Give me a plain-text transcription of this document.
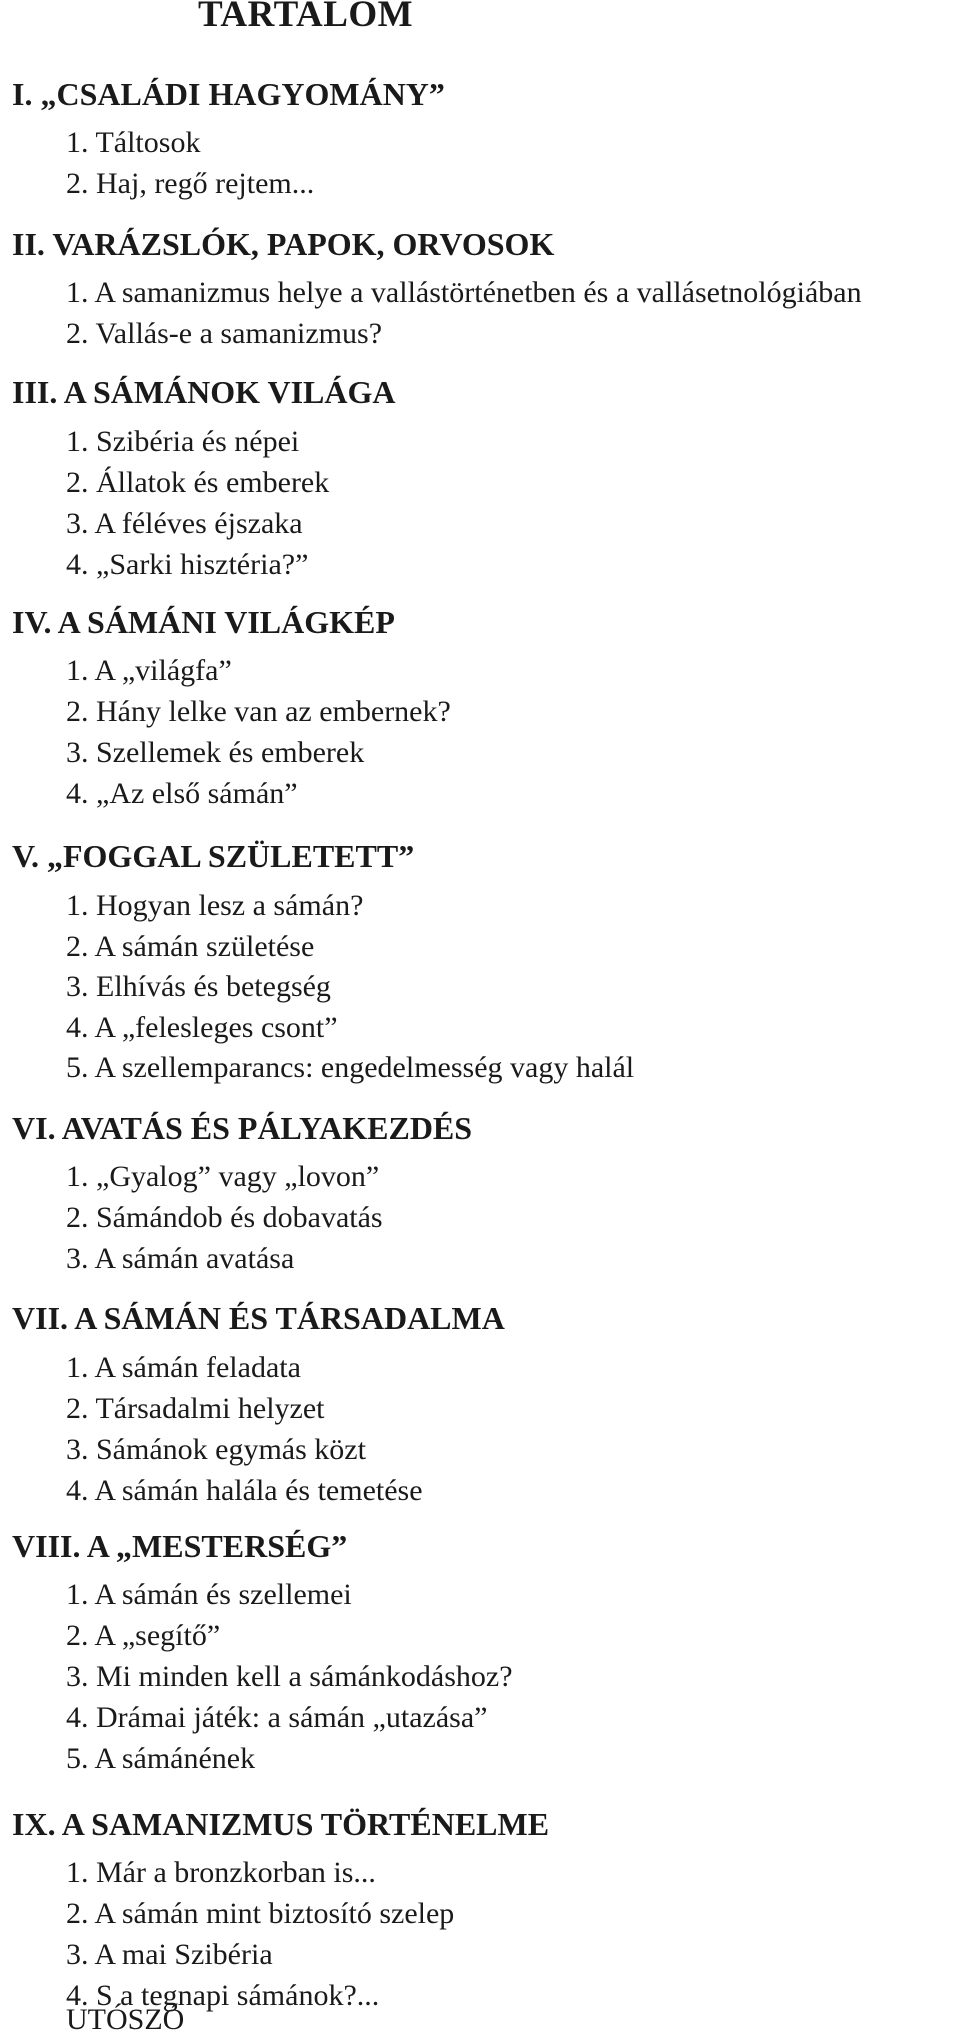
TARTALOM
I. „CSALÁDI HAGYOMÁNY”
1. Táltosok
2. Haj, regő rejtem...
II. VARÁZSLÓK, PAPOK, ORVOSOK
1. A samanizmus helye a vallástörténetben és a vallásetnológiában
2. Vallás-e a samanizmus?
III. A SÁMÁNOK VILÁGA
1. Szibéria és népei
2. Állatok és emberek
3. A féléves éjszaka
4. „Sarki hisztéria?”
IV. A SÁMÁNI VILÁGKÉP
1. A „világfa”
2. Hány lelke van az embernek?
3. Szellemek és emberek
4. „Az első sámán”
V. „FOGGAL SZÜLETETT”
1. Hogyan lesz a sámán?
2. A sámán születése
3. Elhívás és betegség
4. A „felesleges csont”
5. A szellemparancs: engedelmesség vagy halál
VI. AVATÁS ÉS PÁLYAKEZDÉS
1. „Gyalog” vagy „lovon”
2. Sámándob és dobavatás
3. A sámán avatása
VII. A SÁMÁN ÉS TÁRSADALMA
1. A sámán feladata
2. Társadalmi helyzet
3. Sámánok egymás közt
4. A sámán halála és temetése
VIII. A „MESTERSÉG”
1. A sámán és szellemei
2. A „segítő”
3. Mi minden kell a sámánkodáshoz?
4. Drámai játék: a sámán „utazása”
5. A sámánének
IX. A SAMANIZMUS TÖRTÉNELME
1. Már a bronzkorban is...
2. A sámán mint biztosító szelep
3. A mai Szibéria
4. S a tegnapi sámánok?...
UTÓSZÓ
